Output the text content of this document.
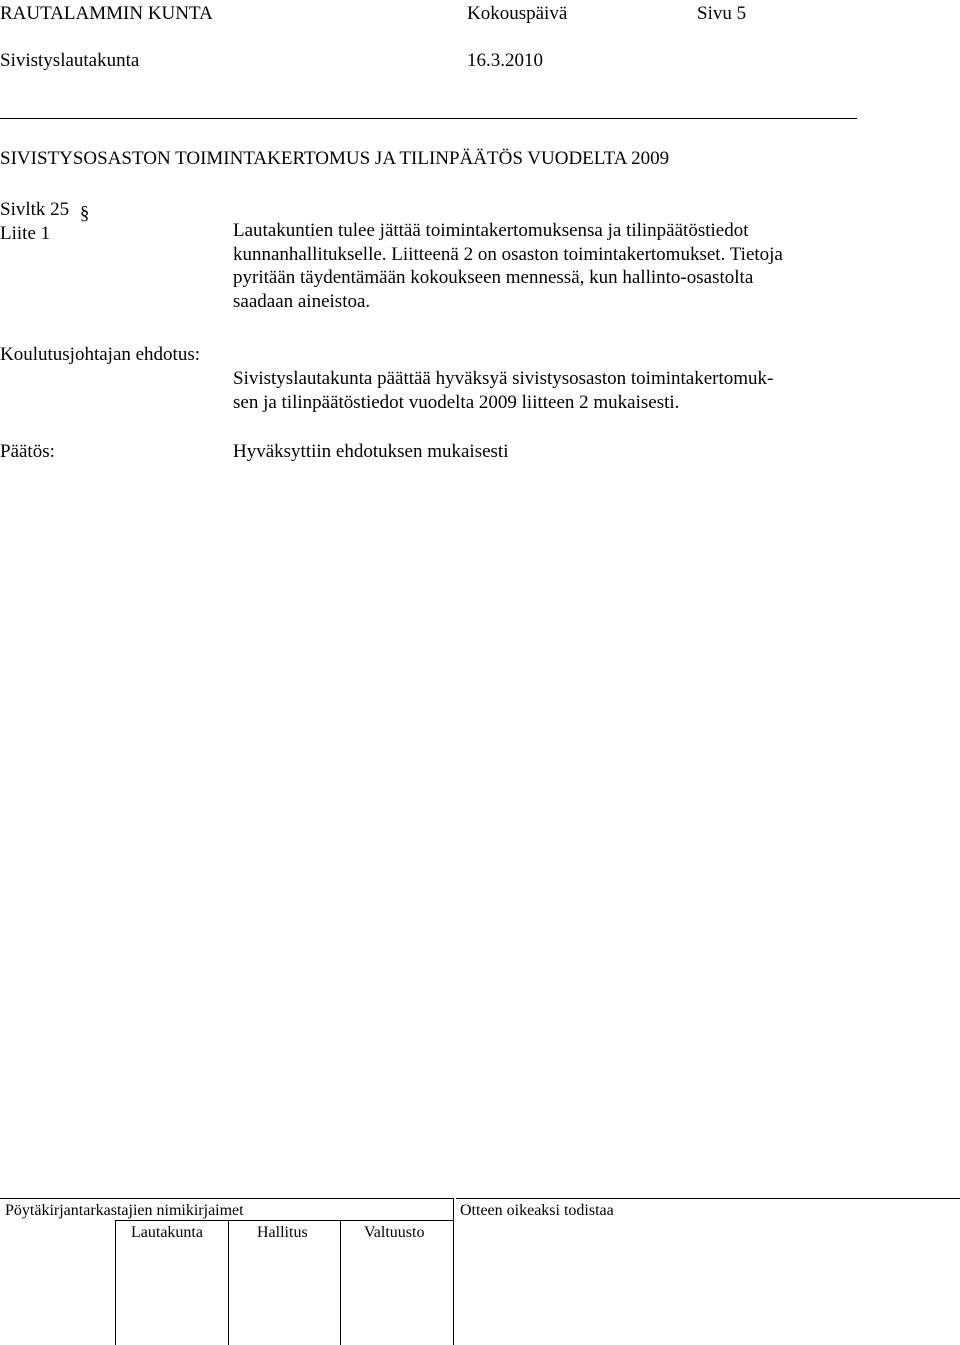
RAUTALAMMIN KUNTA	Kokouspäivä	Sivu 5
Sivistyslautakunta	16.3.2010
SIVISTYSOSASTON TOIMINTAKERTOMUS JA TILINPÄÄTÖS VUODELTA 2009
Sivltk 25 §
Liite 1	Lautakuntien tulee jättää toimintakertomuksensa ja tilinpäätöstiedot
kunnanhallitukselle. Liitteenä 2 on osaston toimintakertomukset. Tietoja
pyritään täydentämään kokoukseen mennessä, kun hallinto-osastolta
saadaan aineistoa.
Koulutusjohtajan ehdotus:
Sivistyslautakunta päättää hyväksyä sivistysosaston toimintakertomuk-
sen ja tilinpäätöstiedot vuodelta 2009 liitteen 2 mukaisesti.
Päätös:	Hyväksyttiin ehdotuksen mukaisesti
Pöytäkirjantarkastajien nimikirjaimet	Otteen oikeaksi todistaa
Lautakunta	Hallitus	Valtuusto
